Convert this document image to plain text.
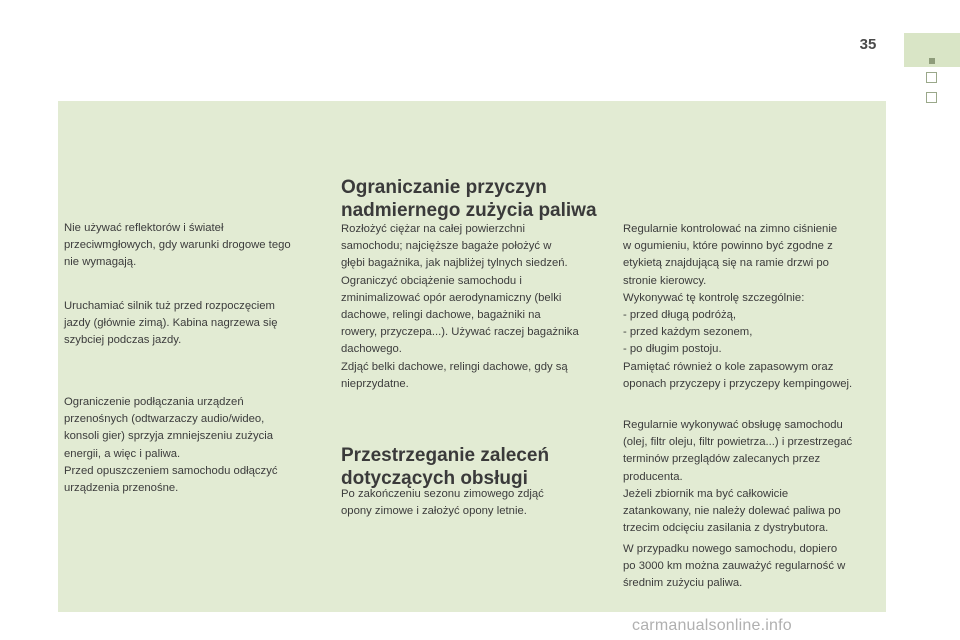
35

Nie używać reflektorów i świateł
przeciwmgłowych, gdy warunki drogowe tego
nie wymagają.

Uruchamiać silnik tuż przed rozpoczęciem
jazdy (głównie zimą). Kabina nagrzewa się
szybciej podczas jazdy.

Ograniczenie podłączania urządzeń
przenośnych (odtwarzaczy audio/wideo,
konsoli gier) sprzyja zmniejszeniu zużycia
energii, a więc i paliwa.
Przed opuszczeniem samochodu odłączyć
urządzenia przenośne.

Ograniczanie przyczyn
nadmiernego zużycia paliwa

Rozłożyć ciężar na całej powierzchni
samochodu; najcięższe bagaże położyć w
głębi bagażnika, jak najbliżej tylnych siedzeń.
Ograniczyć obciążenie samochodu i
zminimalizować opór aerodynamiczny (belki
dachowe, relingi dachowe, bagażniki na
rowery, przyczepa...). Używać raczej bagażnika
dachowego.
Zdjąć belki dachowe, relingi dachowe, gdy są
nieprzydatne.

Przestrzeganie zaleceń
dotyczących obsługi

Po zakończeniu sezonu zimowego zdjąć
opony zimowe i założyć opony letnie.

Regularnie kontrolować na zimno ciśnienie
w ogumieniu, które powinno być zgodne z
etykietą znajdującą się na ramie drzwi po
stronie kierowcy.
Wykonywać tę kontrolę szczególnie:
- przed długą podróżą,
- przed każdym sezonem,
- po długim postoju.
Pamiętać również o kole zapasowym oraz
oponach przyczepy i przyczepy kempingowej.

Regularnie wykonywać obsługę samochodu
(olej, filtr oleju, filtr powietrza...) i przestrzegać
terminów przeglądów zalecanych przez
producenta.

Jeżeli zbiornik ma być całkowicie
zatankowany, nie należy dolewać paliwa po
trzecim odcięciu zasilania z dystrybutora.

W przypadku nowego samochodu, dopiero
po 3000 km można zauważyć regularność w
średnim zużyciu paliwa.

carmanualsonline.info
